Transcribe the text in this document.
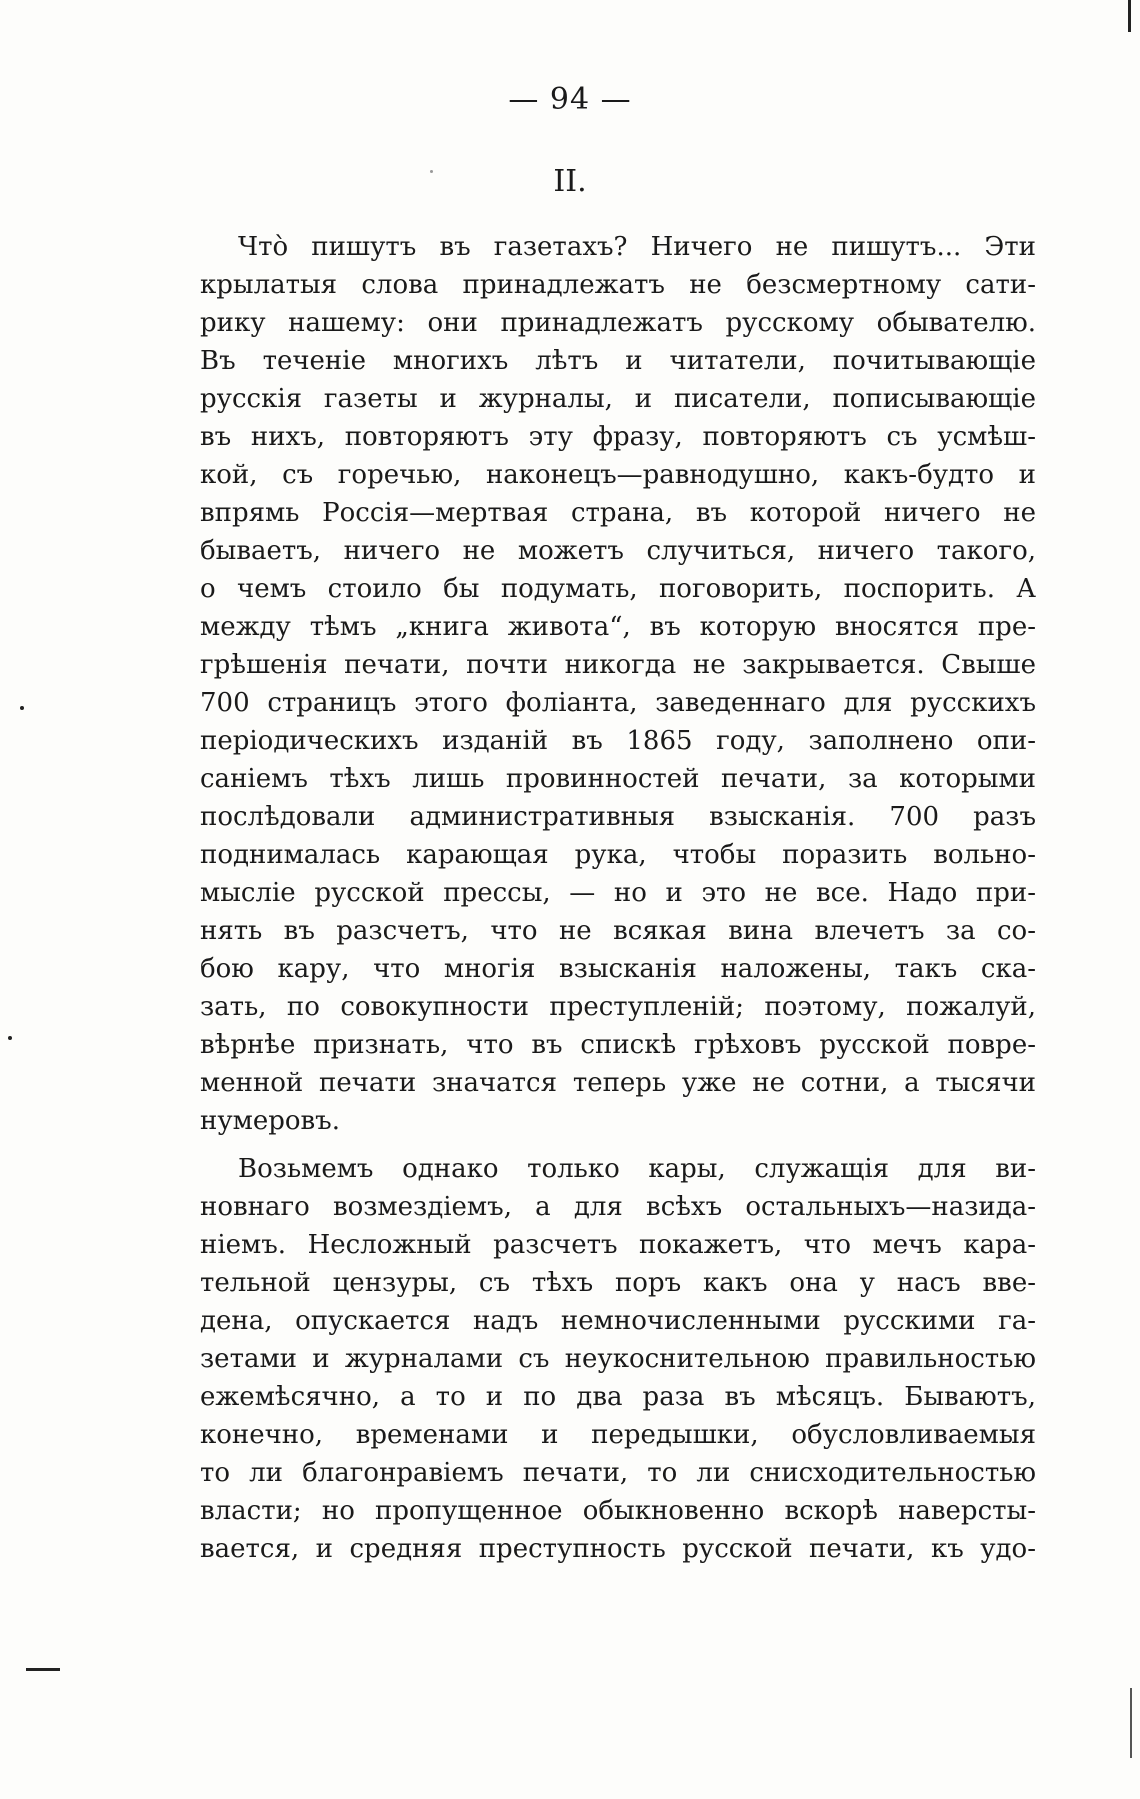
— 94 —
II.
Чтò пишутъ въ газетахъ? Ничего не пишутъ... Эти
крылатыя слова принадлежатъ не безсмертному сати-
рику нашему: они принадлежатъ русскому обывателю.
Въ теченіе многихъ лѣтъ и читатели, почитывающіе
русскія газеты и журналы, и писатели, пописывающіе
въ нихъ, повторяютъ эту фразу, повторяютъ съ усмѣш-
кой, съ горечью, наконецъ—равнодушно, какъ-будто и
впрямь Россія—мертвая страна, въ которой ничего не
бываетъ, ничего не можетъ случиться, ничего такого,
о чемъ стоило бы подумать, поговорить, поспорить. А
между тѣмъ „книга живота“, въ которую вносятся пре-
грѣшенія печати, почти никогда не закрывается. Свыше
700 страницъ этого фоліанта, заведеннаго для русскихъ
періодическихъ изданій въ 1865 году, заполнено опи-
саніемъ тѣхъ лишь провинностей печати, за которыми
послѣдовали административныя взысканія. 700 разъ
поднималась карающая рука, чтобы поразить вольно-
мысліе русской прессы, — но и это не все. Надо при-
нять въ разсчетъ, что не всякая вина влечетъ за со-
бою кару, что многія взысканія наложены, такъ ска-
зать, по совокупности преступленій; поэтому, пожалуй,
вѣрнѣе признать, что въ спискѣ грѣховъ русской повре-
менной печати значатся теперь уже не сотни, а тысячи
нумеровъ.
Возьмемъ однако только кары, служащія для ви-
новнаго возмездіемъ, а для всѣхъ остальныхъ—назида-
ніемъ. Несложный разсчетъ покажетъ, что мечъ кара-
тельной цензуры, съ тѣхъ поръ какъ она у насъ вве-
дена, опускается надъ немночисленными русскими га-
зетами и журналами съ неукоснительною правильностью
ежемѣсячно, а то и по два раза въ мѣсяцъ. Бываютъ,
конечно, временами и передышки, обусловливаемыя
то ли благонравіемъ печати, то ли снисходительностью
власти; но пропущенное обыкновенно вскорѣ наверсты-
вается, и средняя преступность русской печати, къ удо-
